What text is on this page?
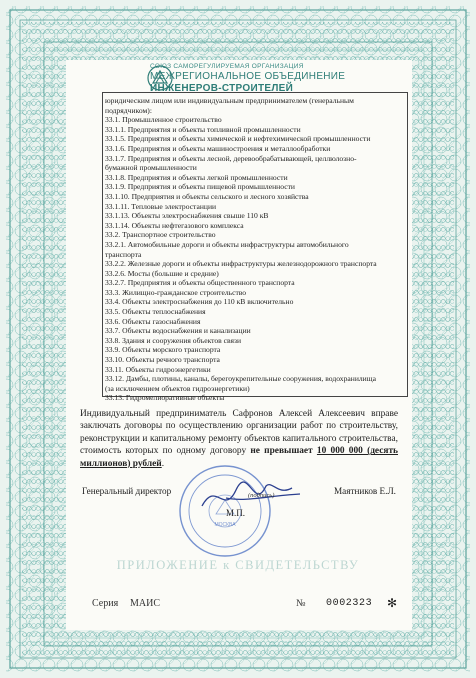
СОЮЗ САМОРЕГУЛИРУЕМАЯ ОРГАНИЗАЦИЯ
МЕЖРЕГИОНАЛЬНОЕ ОБЪЕДИНЕНИЕ
ИНЖЕНЕРОВ-СТРОИТЕЛЕЙ
юридическим лицом или индивидуальным предпринимателем (генеральным
подрядчиком):
33.1. Промышленное строительство
33.1.1. Предприятия и объекты топливной промышленности
33.1.5. Предприятия и объекты химической и нефтехимической промышленности
33.1.6. Предприятия и объекты машиностроения и металлообработки
33.1.7. Предприятия и объекты лесной, деревообрабатывающей, целлюлозно-
бумажной промышленности
33.1.8. Предприятия и объекты легкой промышленности
33.1.9. Предприятия и объекты пищевой промышленности
33.1.10. Предприятия и объекты сельского и лесного хозяйства
33.1.11. Тепловые электростанции
33.1.13. Объекты электроснабжения свыше 110 кВ
33.1.14. Объекты нефтегазового комплекса
33.2. Транспортное строительство
33.2.1. Автомобильные дороги и объекты инфраструктуры автомобильного
транспорта
33.2.2. Железные дороги и объекты инфраструктуры железнодорожного транспорта
33.2.6. Мосты (большие и средние)
33.2.7. Предприятия и объекты общественного транспорта
33.3. Жилищно-гражданское строительство
33.4. Объекты электроснабжения до 110 кВ включительно
33.5. Объекты теплоснабжения
33.6. Объекты газоснабжения
33.7. Объекты водоснабжения и канализации
33.8. Здания и сооружения объектов связи
33.9. Объекты морского транспорта
33.10. Объекты речного транспорта
33.11. Объекты гидроэнергетики
33.12. Дамбы, плотины, каналы, берегоукрепительные сооружения, водохранилища
(за исключением объектов гидроэнергетики)
33.13. Гидромелиоративные объекты
Индивидуальный предприниматель Сафронов Алексей Алексеевич вправе заключать договоры по осуществлению организации работ по строительству, реконструкции и капитальному ремонту объектов капитального строительства, стоимость которых по одному договору не превышает 10 000 000 (десять миллионов) рублей.
Генеральный директор	Маятников Е.Л.
МОСКВА
(подпись)
М.П.
ПРИЛОЖЕНИЕ к СВИДЕТЕЛЬСТВУ
Серия МАИС	№ 0002323 ✻
